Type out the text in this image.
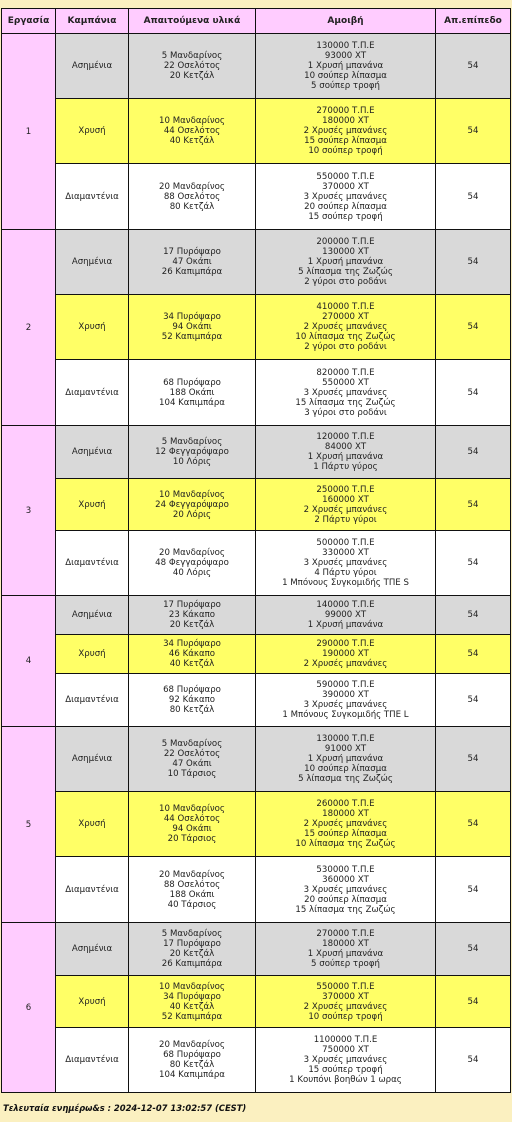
Εργασία	Καμπάνια	Απαιτούμενα υλικά	Αμοιβή	Απ.επίπεδο
1	Ασημένια	5 Μανδαρίνος
22 Οσελότος
20 Κετζάλ	130000 Τ.Π.Ε
93000 ΧΤ
1 Χρυσή μπανάνα
10 σούπερ λίπασμα
5 σούπερ τροφή	54
	Χρυσή	10 Μανδαρίνος
44 Οσελότος
40 Κετζάλ	270000 Τ.Π.Ε
180000 ΧΤ
2 Χρυσές μπανάνες
15 σούπερ λίπασμα
10 σούπερ τροφή	54
	Διαμαντένια	20 Μανδαρίνος
88 Οσελότος
80 Κετζάλ	550000 Τ.Π.Ε
370000 ΧΤ
3 Χρυσές μπανάνες
20 σούπερ λίπασμα
15 σούπερ τροφή	54
2	Ασημένια	17 Πυρόψαρο
47 Οκάπι
26 Καπιμπάρα	200000 Τ.Π.Ε
130000 ΧΤ
1 Χρυσή μπανάνα
5 λίπασμα της Ζωζώς
2 γύροι στο ροδάνι	54
	Χρυσή	34 Πυρόψαρο
94 Οκάπι
52 Καπιμπάρα	410000 Τ.Π.Ε
270000 ΧΤ
2 Χρυσές μπανάνες
10 λίπασμα της Ζωζώς
2 γύροι στο ροδάνι	54
	Διαμαντένια	68 Πυρόψαρο
188 Οκάπι
104 Καπιμπάρα	820000 Τ.Π.Ε
550000 ΧΤ
3 Χρυσές μπανάνες
15 λίπασμα της Ζωζώς
3 γύροι στο ροδάνι	54
3	Ασημένια	5 Μανδαρίνος
12 Φεγγαρόψαρο
10 Λόρις	120000 Τ.Π.Ε
84000 ΧΤ
1 Χρυσή μπανάνα
1 Πάρτυ γύρος	54
	Χρυσή	10 Μανδαρίνος
24 Φεγγαρόψαρο
20 Λόρις	250000 Τ.Π.Ε
160000 ΧΤ
2 Χρυσές μπανάνες
2 Πάρτυ γύροι	54
	Διαμαντένια	20 Μανδαρίνος
48 Φεγγαρόψαρο
40 Λόρις	500000 Τ.Π.Ε
330000 ΧΤ
3 Χρυσές μπανάνες
4 Πάρτυ γύροι
1 Μπόνους Συγκομιδής ΤΠΕ S	54
4	Ασημένια	17 Πυρόψαρο
23 Κάκαπο
20 Κετζάλ	140000 Τ.Π.Ε
99000 ΧΤ
1 Χρυσή μπανάνα	54
	Χρυσή	34 Πυρόψαρο
46 Κάκαπο
40 Κετζάλ	290000 Τ.Π.Ε
190000 ΧΤ
2 Χρυσές μπανάνες	54
	Διαμαντένια	68 Πυρόψαρο
92 Κάκαπο
80 Κετζάλ	590000 Τ.Π.Ε
390000 ΧΤ
3 Χρυσές μπανάνες
1 Μπόνους Συγκομιδής ΤΠΕ L	54
5	Ασημένια	5 Μανδαρίνος
22 Οσελότος
47 Οκάπι
10 Τάρσιος	130000 Τ.Π.Ε
91000 ΧΤ
1 Χρυσή μπανάνα
10 σούπερ λίπασμα
5 λίπασμα της Ζωζώς	54
	Χρυσή	10 Μανδαρίνος
44 Οσελότος
94 Οκάπι
20 Τάρσιος	260000 Τ.Π.Ε
180000 ΧΤ
2 Χρυσές μπανάνες
15 σούπερ λίπασμα
10 λίπασμα της Ζωζώς	54
	Διαμαντένια	20 Μανδαρίνος
88 Οσελότος
188 Οκάπι
40 Τάρσιος	530000 Τ.Π.Ε
360000 ΧΤ
3 Χρυσές μπανάνες
20 σούπερ λίπασμα
15 λίπασμα της Ζωζώς	54
6	Ασημένια	5 Μανδαρίνος
17 Πυρόψαρο
20 Κετζάλ
26 Καπιμπάρα	270000 Τ.Π.Ε
180000 ΧΤ
1 Χρυσή μπανάνα
5 σούπερ τροφή	54
	Χρυσή	10 Μανδαρίνος
34 Πυρόψαρο
40 Κετζάλ
52 Καπιμπάρα	550000 Τ.Π.Ε
370000 ΧΤ
2 Χρυσές μπανάνες
10 σούπερ τροφή	54
	Διαμαντένια	20 Μανδαρίνος
68 Πυρόψαρο
80 Κετζάλ
104 Καπιμπάρα	1100000 Τ.Π.Ε
750000 ΧΤ
3 Χρυσές μπανάνες
15 σούπερ τροφή
1 Κουπόνι βοηθών 1 ωρας	54
Τελευταία ενημέρω&s : 2024-12-07 13:02:57 (CEST)
